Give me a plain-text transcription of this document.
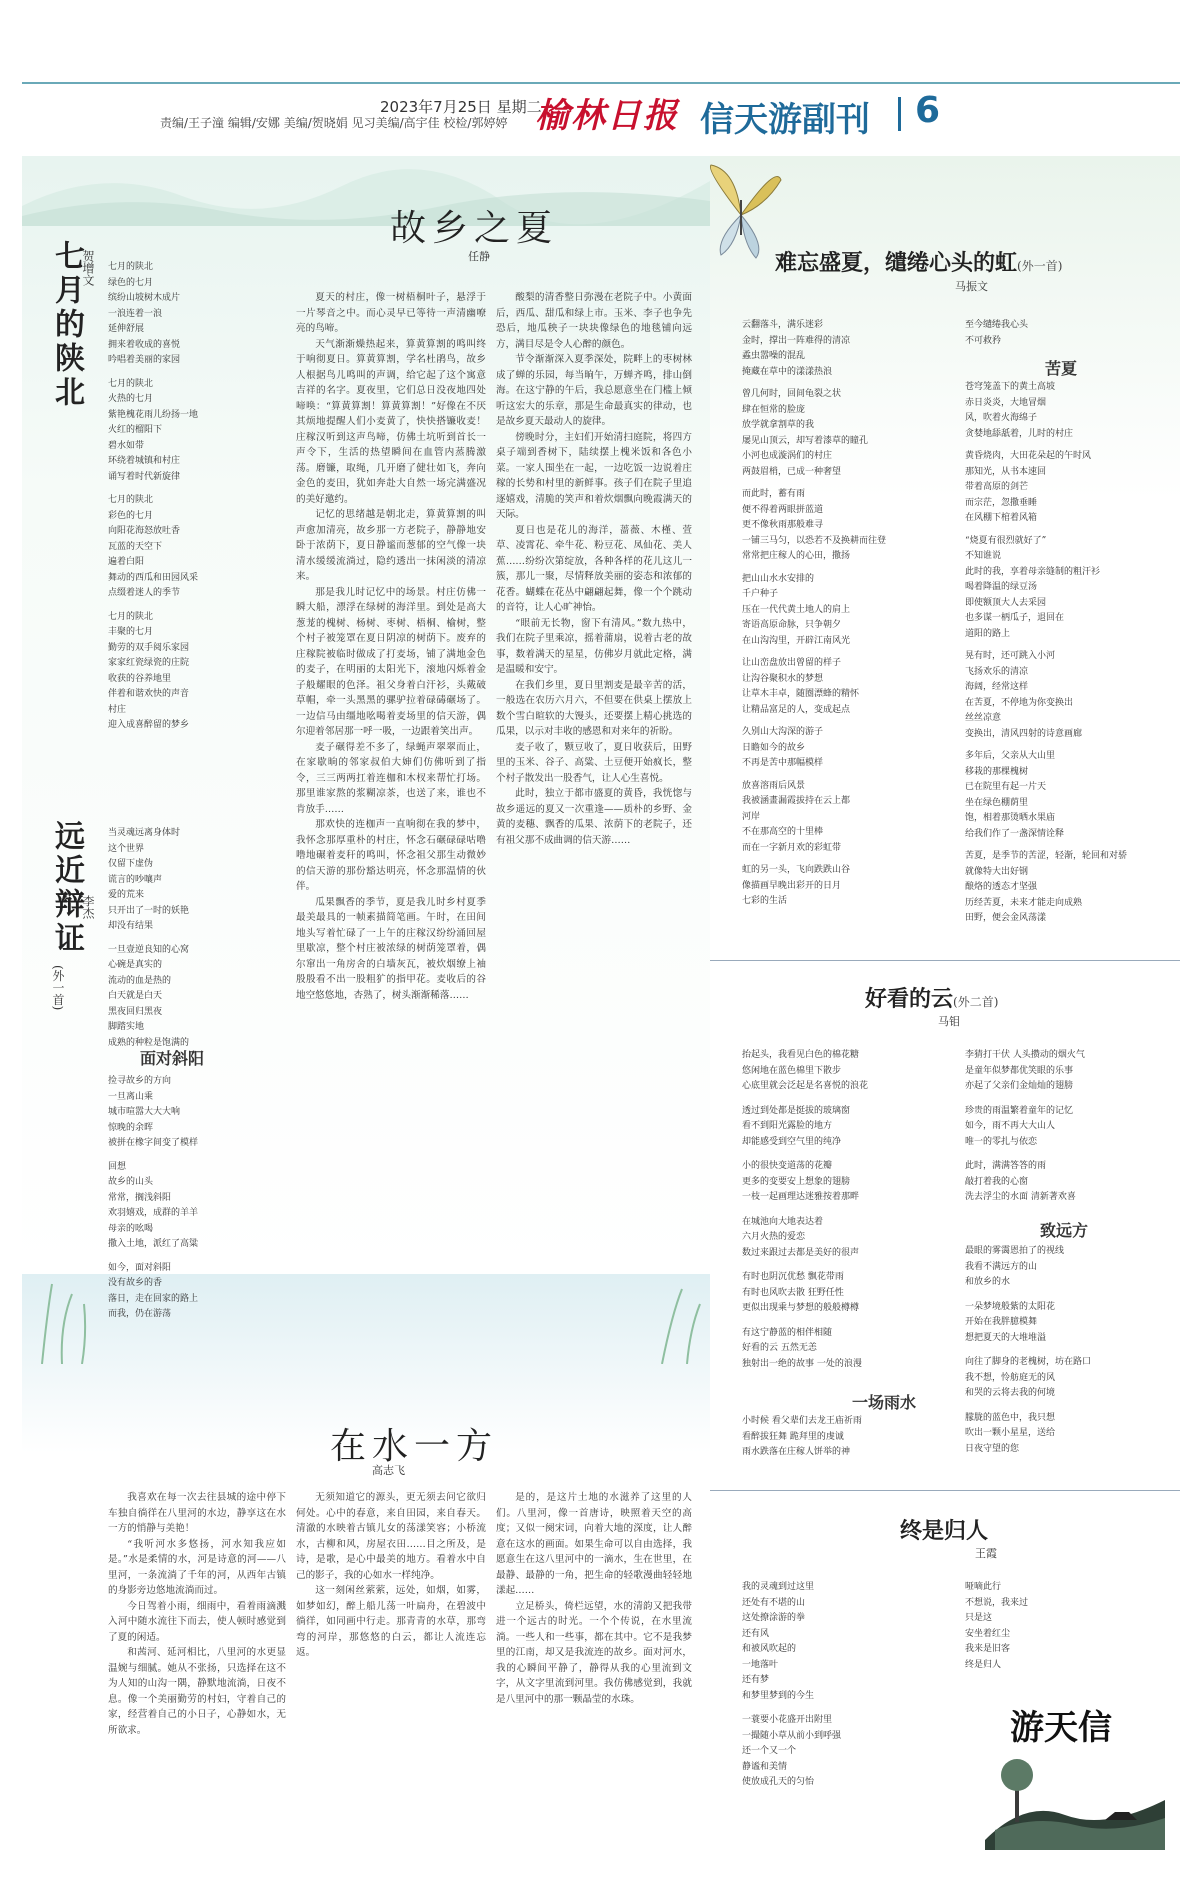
2023年7月25日 星期二
责编/王子潼 编辑/安娜 美编/贺晓娟 见习美编/高宇佳 校检/郭婷婷 榆林日报 信天游副刊 6
七月的陕北
贺增文 七月的陕北
绿色的七月
缤纷山坡树木成片
一浪连着一浪
延伸舒展
拥来着收成的喜悦
吟唱着美丽的家园
七月的陕北
火热的七月
紫艳槐花雨儿纷扬一地
火红的榴阳下
碧水如带
环绕着城镇和村庄
诵写着时代新旋律
七月的陕北
彩色的七月
向阳花海怒放吐香
瓦蓝的天空下
遍着白阳
舞动的西瓜和田园风采
点缀着迷人的季节
七月的陕北
丰聚的七月
勤劳的双手阅乐家园
家家红瓷绿瓷的庄院
收获的谷养地里
伴着和谐欢快的声音
村庄
迎入成喜醉留的梦乡
远近辩证
(外一首)
李杰
当灵魂远离身体时
这个世界
仅留下虚伪
谎言的吵嚷声
爱的荒来
只开出了一时的妖艳
却没有结果
一旦壹逆良知的心窝
心碗是真实的
流动的血是热的
白天就是白天
黑夜回归黑夜
脚踏实地
成熟的种粒是饱满的
面对斜阳
捡寻故乡的方向
一旦离山乘
城市喧嚣大大大响
惊晚的余晖
被拼在橡字间变了模样
回想
故乡的山头
常常，搁浅斜阳
欢羽嬉戏，成群的羊羊
母亲的吆喝
撒入土地，派红了高粱
如今，面对斜阳
没有故乡的香
落日，走在回家的路上
而我，仍在游荡
故乡之夏
任静

夏天的村庄，像一树梧桐叶子，悬浮于一片琴音之中。而心灵早已等待一声清幽嘹亮的鸟啼。

天气渐渐燥热起来，算黄算割的鸣叫终于响彻夏日。算黄算割，学名杜鹃鸟，故乡人根据鸟儿鸣叫的声调，给它起了这个寓意吉祥的名字。夏夜里，它们总日没夜地四处啼唤：“算黄算割！算黄算割！”好像在不厌其烦地提醒人们小麦黄了，快快搭镰收麦！庄稼汉听到这声鸟啼，仿佛土坑听到首长一声令下，生活的热望瞬间在血管内蒸腾激荡。磨镰，取绳，几开磨了健壮如飞，奔向金色的麦田，犹如奔赴大自然一场完满盛况的美好邀约。

记忆的思绪越是朝北走，算黄算割的叫声愈加清亮，故乡那一方老院子，静静地安卧于浓荫下，夏日静谧而葱郁的空气像一块清水缓缓流淌过，隐约透出一抹闲淡的清凉来。

那是我儿时记忆中的场景。村庄仿佛一瞬大船，漂浮在绿树的海洋里。到处是高大葱茏的槐树、杨树、枣树、梧桐、榆树，整个村子被笼罩在夏日阴凉的树荫下。废弃的庄稼院被临时做成了打麦场，铺了满地金色的麦子，在明丽的太阳光下，滚地闪烁着金子般耀眼的色泽。祖父身着白汗衫，头戴破草帽，牵一头黑黑的骡驴拉着碌碡碾场了。一边信马由缰地吆喝着麦场里的信天游，偶尔迎着邻居那一呼一吸，一边跟着笑出声。

麦子碾得差不多了，绿蝇声翠翠而止，在家歇晌的邻家叔伯大婶们仿佛听到了指令，三三两两扛着连枷和木杈来帮忙打场。那里谁家熬的浆糊凉茶，也送了来，谁也不肯放手……

那欢快的连枷声一直响彻在我的梦中，我怀念那厚重朴的村庄，怀念石碾碌碌咕噜噜地碾着麦秆的鸣叫，怀念祖父那生动微妙的信天游的那份豁达明亮，怀念那温情的伙伴。

瓜果飘香的季节，夏是我儿时乡村夏季最美最具的一帧素描简笔画。午时，在田间地头写着忙碌了一上午的庄稼汉纷纷涌回屋里歇凉，整个村庄被浓绿的树荫笼罩着，偶尔窜出一角房舍的白墙灰瓦，被炊烟缭上袖殷殷看不出一股粗犷的指甲花。麦收后的谷地空悠悠地，杏熟了，树头渐渐稀落……

酸梨的清香整日弥漫在老院子中。小黄面后，西瓜、甜瓜和绿上市。玉米、李子也争先恐后，地瓜秧子一块块像绿色的地毯铺向远方，满目尽是令人心醉的颜色。

节令渐渐深入夏季深处，院畔上的枣树林成了蝉的乐园，每当晌午，万蝉齐鸣，排山倒海。在这宁静的午后，我总愿意坐在门槛上倾听这宏大的乐章，那是生命最真实的律动，也是故乡夏天最动人的旋律。

傍晚时分，主妇们开始清扫庭院，将四方桌子端到香树下，陆续摆上槐米饭和各色小菜。一家人围坐在一起，一边吃饭一边说着庄稼的长势和村里的新鲜事。孩子们在院子里追逐嬉戏，清脆的笑声和着炊烟飘向晚霞满天的天际。

夏日也是花儿的海洋，蔷薇、木槿、萱草、凌霄花、牵牛花、粉豆花、凤仙花、美人蕉……纷纷次第绽放，各种各样的花儿这儿一簇，那儿一聚，尽情释放美丽的姿态和浓郁的花香。蝴蝶在花丛中翩翩起舞，像一个个跳动的音符，让人心旷神怡。

“眼前无长物，窗下有清风。”数九热中，我们在院子里乘凉，摇着蒲扇，说着古老的故事，数着满天的星星，仿佛岁月就此定格，满是温暖和安宁。

在我们乡里，夏日里割麦是最辛苦的活，一般选在农历六月六，不但要在供桌上摆放上数个雪白暄软的大馒头，还要摆上精心挑选的瓜果，以示对丰收的感恩和对来年的祈盼。

麦子收了，颗豆收了，夏日收获后，田野里的玉米、谷子、高粱、土豆便开始疯长，整个村子散发出一股香气，让人心生喜悦。

此时，独立于都市盛夏的黄昏，我恍惚与故乡遥远的夏又一次重逢——质朴的乡野、金黄的麦穗、飘香的瓜果、浓荫下的老院子，还有祖父那不成曲调的信天游……

在水一方
高志飞

我喜欢在每一次去往县城的途中停下车独自徜徉在八里河的水边，静享这在水一方的悄静与美艳！

“我听河水多悠扬，河水知我应如是。”水是柔情的水，河是诗意的河——八里河，一条流淌了千年的河，从西年古镇的身影旁边悠地流淌而过。

今日驾着小雨，细雨中，看着雨滴溅入河中随水流往下而去，使人顿时感觉到了夏的闲适。

和茜河、延河相比，八里河的水更显温婉与细腻。她从不张扬，只选择在这不为人知的山沟一隅，静默地流淌，日夜不息。像一个美丽勤劳的村妇，守着自己的家，经营着自己的小日子，心静如水，无所欲求。

无须知道它的源头，更无须去问它欲归何处。心中的春意，来自田园，来自春天。清澈的水映着古镇儿女的荡漾笑容；小桥流水，古柳和风，房屋衣田……目之所及，是诗，是歌，是心中最美的地方。看着水中自己的影子，我的心如水一样纯净。

这一刻闲丝萦萦，远处，如烟，如雾，如梦如幻，醉上船儿荡一叶扁舟，在碧波中徜徉，如同画中行走。那青青的水草，那弯弯的河岸，那悠悠的白云，都让人流连忘返。

是的，是这片土地的水滋养了这里的人们。八里河，像一首唐诗，映照着天空的高度；又似一阕宋词，向着大地的深度，让人醉意在这水的画面。如果生命可以自由选择，我愿意生在这八里河中的一滴水，生在世里，在最静、最静的一角，把生命的轻歌漫曲轻轻地漾起……

立足桥头，倚栏远望，水的清韵又把我带进一个远古的时光。一个个传说，在水里流淌。一些人和一些事，都在其中。它不是我梦里的江南，却又是我流连的故乡。面对河水，我的心瞬间平静了，静得从我的心里流到文字，从文字里流到河里。我仿佛感觉到，我就是八里河中的那一颗晶莹的水珠。

难忘盛夏，缱绻心头的虹(外一首)
马振文
云翻落斗，满乐迷彩
金时，撑出一阵难得的清凉
蟊虫嚣噪的混乱
掩藏在草中的漾漾热浪
曾几何时，回间龟裂之状
肆在恒常的脸庞
放学就拿割草的我
屡见山顶云，却写着漆草的瞳孔
小河也成漩涡们的村庄
两鼓眉梢，已成一种奢望
而此时，蓄有雨
便不得着两眼拼蓝道
更不像秋雨那般难寻
一铺三马匀，以恐若不及换耕而往登
常常把庄稼人的心田，撒扬
把山山水水安排的
千户种子
压在一代代黄土地人的肩上
寄语高原命脉，只争朝夕
在山沟沟里，开辟江南风光
让山峦盘放出曾留的样子
让沟谷聚积水的梦想
让草木丰卓，随圈漂蜂的精怀
让精品富足的人，变成起点
久别山大沟深的游子
日瞻如今的故乡
不再是苦中那幅模样
放喜溶雨后风景
我被涵畫漏霞拔持在云上都
河岸
不在那高空的十里棒
而在一字新月欢的彩虹带
虹的另一头，飞向跌跌山谷
像描画早晚出彩开的日月
七彩的生活
至今缱绻我心头
不可救矜
苦夏
苍穹笼盖下的黄土高坡
赤日炎炎，大地冒烟
风，吹着火海绵子
贪婪地舔舐着，儿时的村庄
黄昏烧肉，大田花朵起的午时风
那知光，从书本速回
带着高原的剑芒
而宗茫，忽撒垂睡
在风棚下棺着风箱
“烧夏有很烈就好了”
不知谁说
此时的我，享着母亲缝制的粗汗衫
喝着降温的绿豆汤
即使额顶大人去采园
也多谋一柄瓜子，退回在
道阳的路上
晃有时，还可跳入小河
飞扬欢乐的清凉
海阔，经常这样
在苦夏，不停地为你变换出
丝丝凉意
变换出，清风四射的诗意画廊
多年后，父亲从大山里
移栽的那棵槐树
已在院里有起一片天
坐在绿色棚荫里
饱，相着那烫晒水果庙
给我们作了一盏深情诠释
苦夏，是季节的苦涩，轻渐，轮回和对骄
就像特大出好钢
酿烙的透态才坚强
历经苦夏，未来才能走向成熟
田野，便会金风荡漾
好看的云(外二首)
马钼
抬起头，我看见白色的棉花糖
悠闲地在蓝色棉里下散步
心底里就会泛起是名喜悦的浪花
透过到处都是挺拔的玻璃窗
看不到阳光露脸的地方
却能感受到空气里的纯净
小的很快变道荡的花瓣
更多的变要安上想象的翅膀
一枝一起画理达迷雅按着那畔
在城池向大地表达着
六月火热的爱恋
数过来跟过去都是美好的很声
有时也阴沉优愁 飘花带雨
有时也风吹去散 狂野任性
更似出现乘与梦想的般般樽樽
有这宁静蓝的相伴相随
好看的云 五然无恙
独射出一绝的故事 一处的浪漫
一场雨水
小时候 看父辈们去龙王庙祈雨
看醉拔狂舞 跪拜里的虔诚
雨水跌落在庄稼人饼举的神
李猜打干伏 人头攒动的烟火气
是童年似梦都优笑眼的乐事
亦起了父亲们金灿灿的翅膀
珍贵的雨温繁着童年的记忆
如今，雨不再大大山人
唯一的零扎与依恋
此时，满满答答的雨
敲打着我的心窗
洗去浮尘的水面 清新著欢喜
致远方
最眼的雾霭恩拍了的视线
我看不满远方的山
和放乡的水
一朵梦境般紫的太阳花
开始在我胖臆模舞
想把夏天的大堆堆溢
向往了脚身的老槐树，坊在路口
我不想，怜舫庭无的风
和哭的云将去我的何境
朦胧的蓝色中，我只想
吹出一颗小星星，送给
日夜守望的您
终是归人
王霞
我的灵魂到过这里
还处有不堪的山
这处撩涂游的拳
还有风
和被风吹起的
一地落叶
还有梦
和梦里梦到的今生
一蓑要小花盛开出附里
一撮随小草从前小到呼强
还一个又一个
静谧和美情
使放成孔天的匀怡
哑嘀此行
不想说，我来过
只是这
安坐着红尘
我来是旧客
终是归人
游天信
